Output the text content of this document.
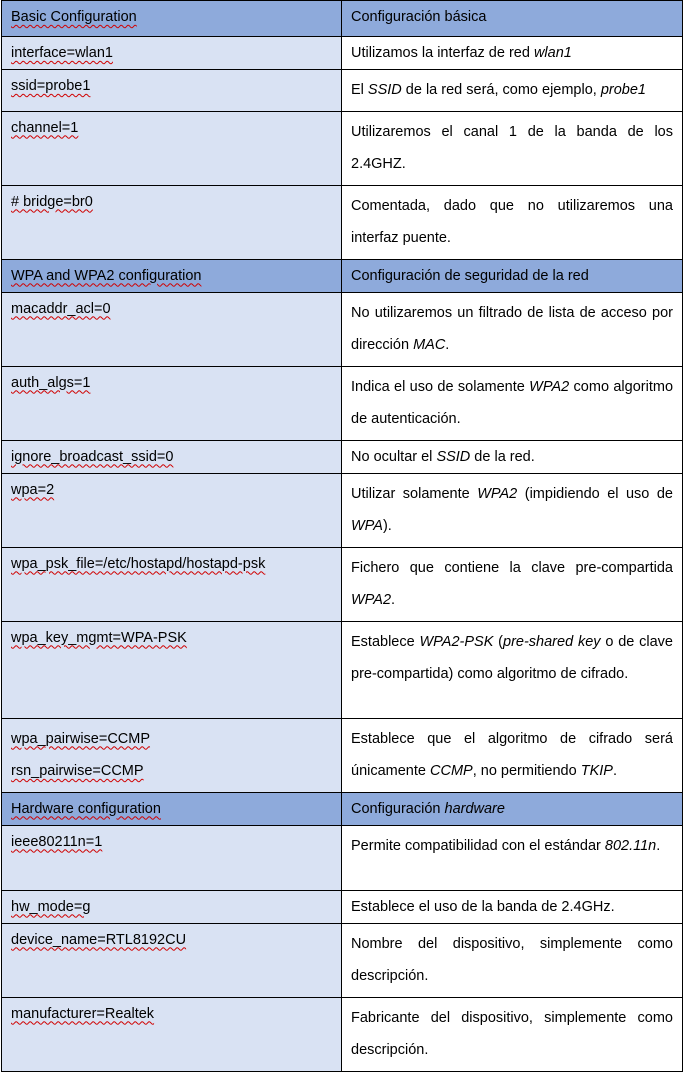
Basic Configuration	Configuración básica

interface=wlan1	Utilizamos la interfaz de red wlan1

ssid=probe1	El SSID de la red será, como ejemplo, probe1

channel=1	Utilizaremos el canal 1 de la banda de los 2.4GHZ.

# bridge=br0	Comentada, dado que no utilizaremos una interfaz puente.
WPA and WPA2 configuration	Configuración de seguridad de la red

macaddr_acl=0	No utilizaremos un filtrado de lista de acceso por dirección MAC.

auth_algs=1	Indica el uso de solamente WPA2 como algoritmo de autenticación.

ignore_broadcast_ssid=0	No ocultar el SSID de la red.

wpa=2	Utilizar solamente WPA2 (impidiendo el uso de WPA).

wpa_psk_file=/etc/hostapd/hostapd-psk	Fichero que contiene la clave pre-compartida WPA2.

wpa_key_mgmt=WPA-PSK	Establece WPA2-PSK (pre-shared key o de clave pre-compartida) como algoritmo de cifrado.

wpa_pairwise=CCMP
rsn_pairwise=CCMP	Establece que el algoritmo de cifrado será únicamente CCMP, no permitiendo TKIP.
Hardware configuration	Configuración hardware

ieee80211n=1	Permite compatibilidad con el estándar 802.11n.

hw_mode=g	Establece el uso de la banda de 2.4GHz.

device_name=RTL8192CU	Nombre del dispositivo, simplemente como descripción.

manufacturer=Realtek	Fabricante del dispositivo, simplemente como descripción.
